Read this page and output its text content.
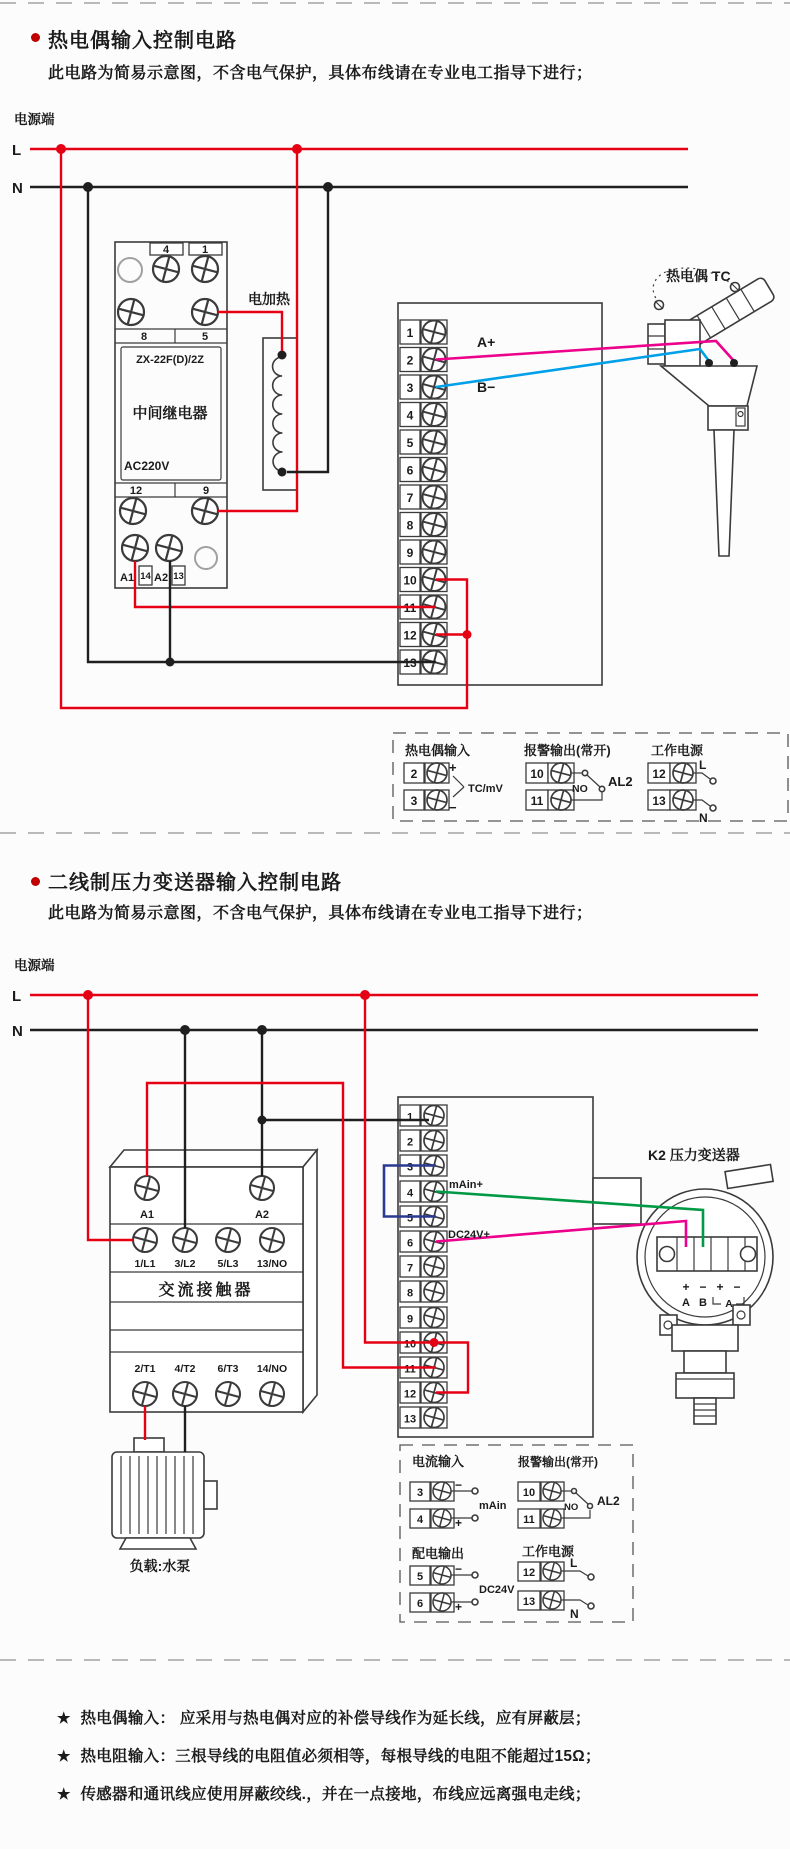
L
N
1
2
3
4
5
6
7
8
9
10
11
12
13
4	1
8	5
ZX-22F(D)/2Z
中间继电器
AC220V
12	9
A1 14 A2 13
电加热
热电偶 TC
A+
B−
热电偶输入
2
3
+
−
TC/mV
报警输出(常开)
10
11
NO AL2
工作电源
12
13
L
N
L
N
1
2
3
4
5
6
7
8
9
10
11
12
13
A1	A2
1/L1 3/L2 5/L3 13/NO
交流接触器
2/T1 4/T2 6/T3 14/NO
K2 压力变送器
+ − + −
A B A
负载:水泵
mAin+
DC24V+
电流输入
3
−
4	+
mAin
报警输出(常开)
10
11
NO AL2
配电输出
5
−
6	+
DC24V
工作电源
12
L
13
N
热电偶输入控制电路
此电路为简易示意图，不含电气保护，具体布线请在专业电工指导下进行；
电源端
二线制压力变送器输入控制电路
此电路为简易示意图，不含电气保护，具体布线请在专业电工指导下进行；
电源端
★ 热电偶输入： 应采用与热电偶对应的补偿导线作为延长线，应有屏蔽层；
★ 热电阻输入：三根导线的电阻值必须相等，每根导线的电阻不能超过15Ω；
★ 传感器和通讯线应使用屏蔽绞线.，并在一点接地，布线应远离强电走线；
